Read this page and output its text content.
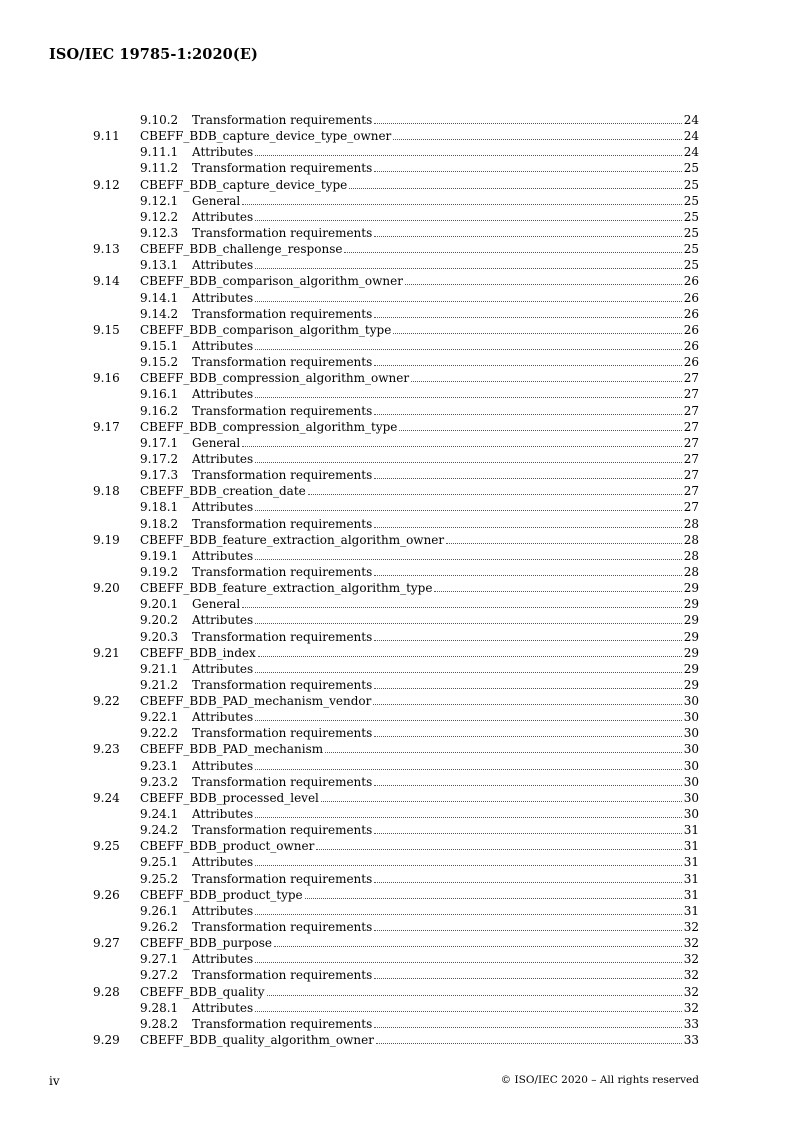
ISO/IEC 19785-1:2020(E)
9.10.2 Transformation requirements	24
9.11 CBEFF_BDB_capture_device_type_owner	24
9.11.1 Attributes	24
9.11.2 Transformation requirements	25
9.12 CBEFF_BDB_capture_device_type	25
9.12.1 General	25
9.12.2 Attributes	25
9.12.3 Transformation requirements	25
9.13 CBEFF_BDB_challenge_response	25
9.13.1 Attributes	25
9.14 CBEFF_BDB_comparison_algorithm_owner	26
9.14.1 Attributes	26
9.14.2 Transformation requirements	26
9.15 CBEFF_BDB_comparison_algorithm_type	26
9.15.1 Attributes	26
9.15.2 Transformation requirements	26
9.16 CBEFF_BDB_compression_algorithm_owner	27
9.16.1 Attributes	27
9.16.2 Transformation requirements	27
9.17 CBEFF_BDB_compression_algorithm_type	27
9.17.1 General	27
9.17.2 Attributes	27
9.17.3 Transformation requirements	27
9.18 CBEFF_BDB_creation_date	27
9.18.1 Attributes	27
9.18.2 Transformation requirements	28
9.19 CBEFF_BDB_feature_extraction_algorithm_owner	28
9.19.1 Attributes	28
9.19.2 Transformation requirements	28
9.20 CBEFF_BDB_feature_extraction_algorithm_type	29
9.20.1 General	29
9.20.2 Attributes	29
9.20.3 Transformation requirements	29
9.21 CBEFF_BDB_index	29
9.21.1 Attributes	29
9.21.2 Transformation requirements	29
9.22 CBEFF_BDB_PAD_mechanism_vendor	30
9.22.1 Attributes	30
9.22.2 Transformation requirements	30
9.23 CBEFF_BDB_PAD_mechanism	30
9.23.1 Attributes	30
9.23.2 Transformation requirements	30
9.24 CBEFF_BDB_processed_level	30
9.24.1 Attributes	30
9.24.2 Transformation requirements	31
9.25 CBEFF_BDB_product_owner	31
9.25.1 Attributes	31
9.25.2 Transformation requirements	31
9.26 CBEFF_BDB_product_type	31
9.26.1 Attributes	31
9.26.2 Transformation requirements	32
9.27 CBEFF_BDB_purpose	32
9.27.1 Attributes	32
9.27.2 Transformation requirements	32
9.28 CBEFF_BDB_quality	32
9.28.1 Attributes	32
9.28.2 Transformation requirements	33
9.29 CBEFF_BDB_quality_algorithm_owner	33
iv	© ISO/IEC 2020 – All rights reserved
